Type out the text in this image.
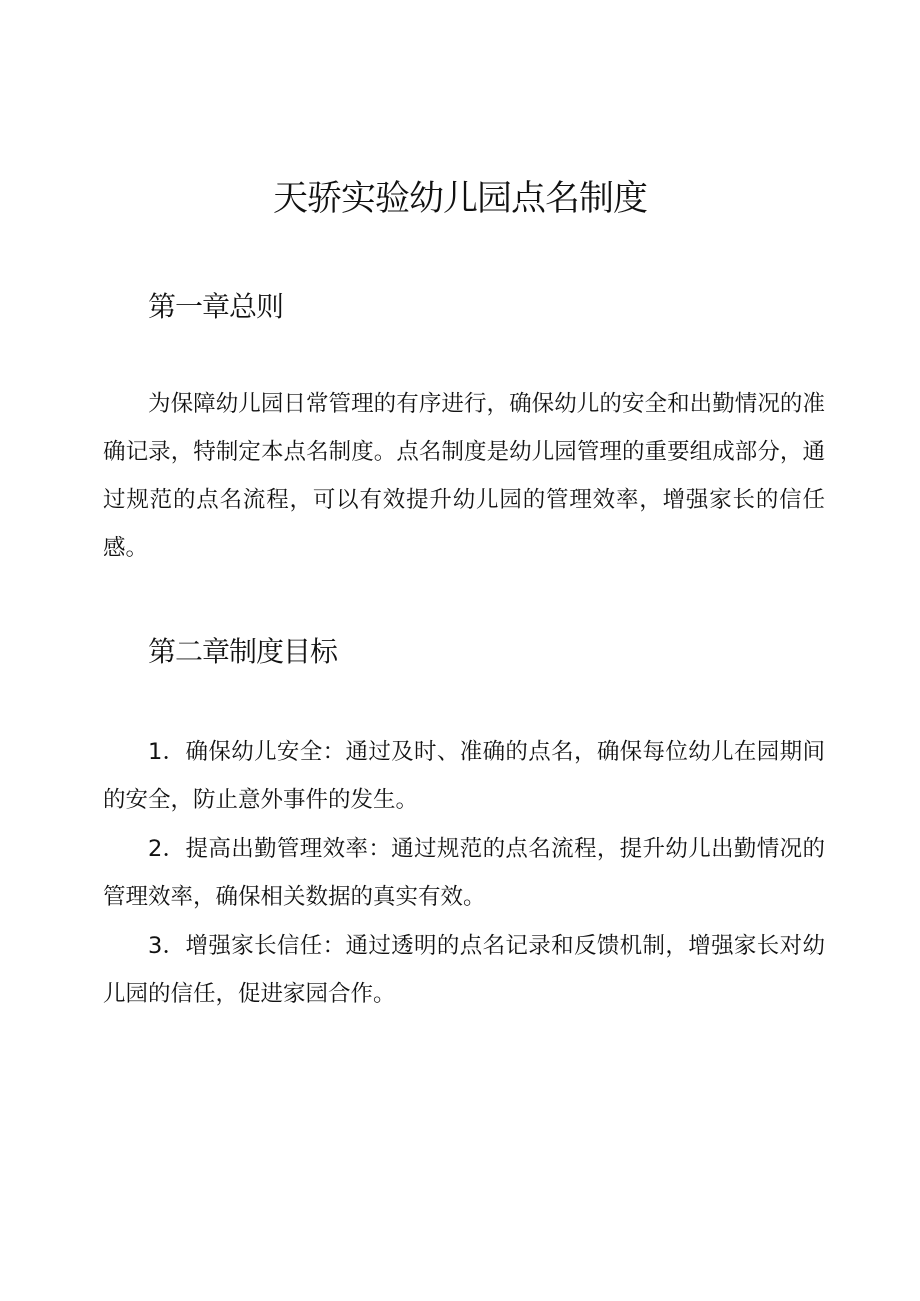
天骄实验幼儿园点名制度
第一章总则

为保障幼儿园日常管理的有序进行，确保幼儿的安全和出勤情况的准确记录，特制定本点名制度。点名制度是幼儿园管理的重要组成部分，通过规范的点名流程，可以有效提升幼儿园的管理效率，增强家长的信任感。

第二章制度目标

1．确保幼儿安全：通过及时、准确的点名，确保每位幼儿在园期间的安全，防止意外事件的发生。

2．提高出勤管理效率：通过规范的点名流程，提升幼儿出勤情况的管理效率，确保相关数据的真实有效。

3．增强家长信任：通过透明的点名记录和反馈机制，增强家长对幼儿园的信任，促进家园合作。
